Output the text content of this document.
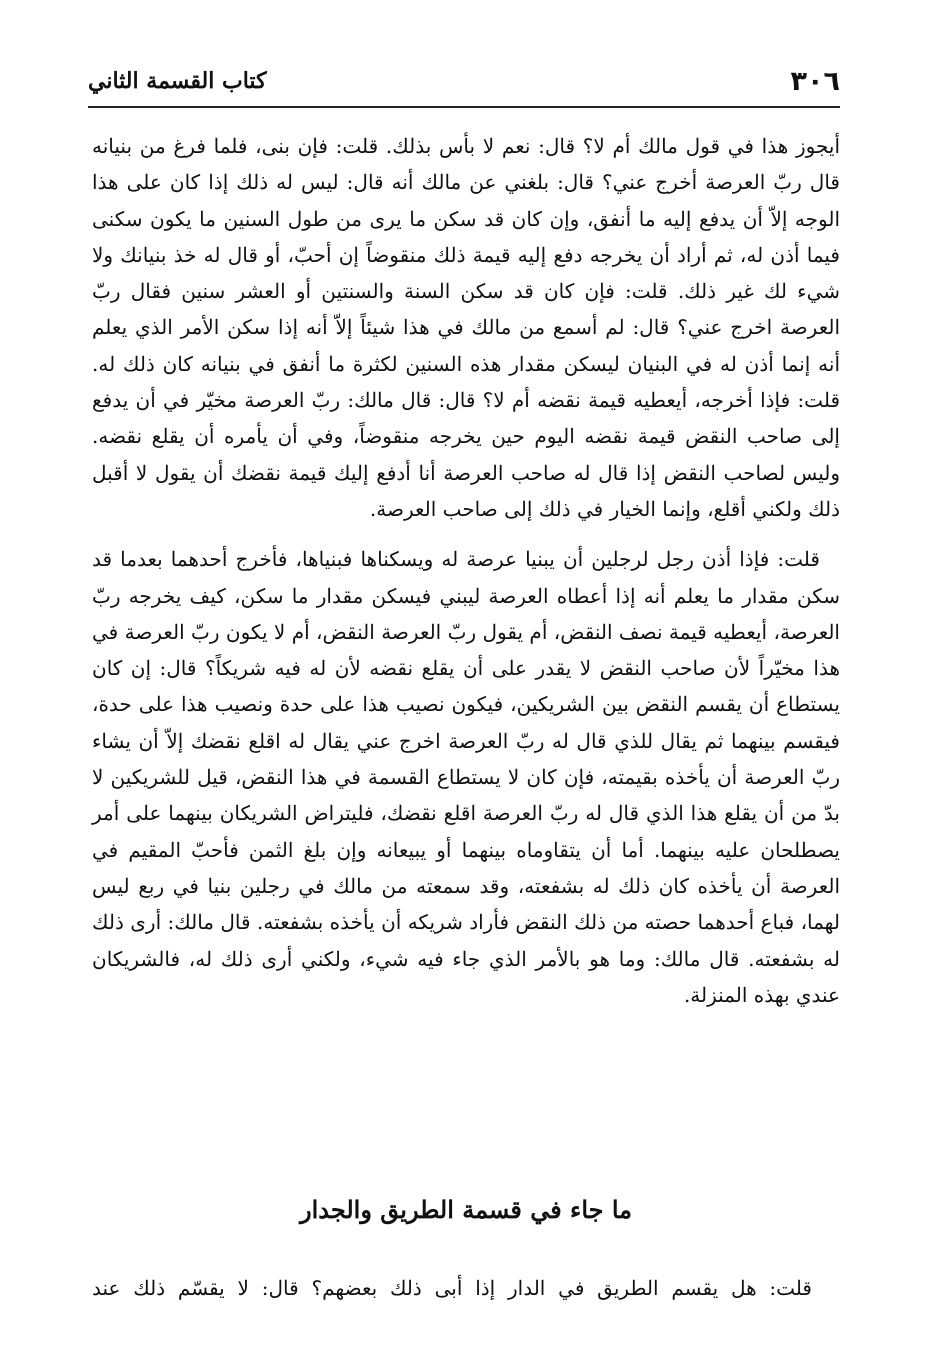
٣٠٦
كتاب القسمة الثاني

أيجوز هذا في قول مالك أم لا؟ قال: نعم لا بأس بذلك. قلت: فإن بنى، فلما فرغ من بنيانه قال ربّ العرصة أخرج عني؟ قال: بلغني عن مالك أنه قال: ليس له ذلك إذا كان على هذا الوجه إلاّ أن يدفع إليه ما أنفق، وإن كان قد سكن ما يرى من طول السنين ما يكون سكنى فيما أذن له، ثم أراد أن يخرجه دفع إليه قيمة ذلك منقوضاً إن أحبّ، أو قال له خذ بنيانك ولا شيء لك غير ذلك. قلت: فإن كان قد سكن السنة والسنتين أو العشر سنين فقال ربّ العرصة اخرج عني؟ قال: لم أسمع من مالك في هذا شيئاً إلاّ أنه إذا سكن الأمر الذي يعلم أنه إنما أذن له في البنيان ليسكن مقدار هذه السنين لكثرة ما أنفق في بنيانه كان ذلك له. قلت: فإذا أخرجه، أيعطيه قيمة نقضه أم لا؟ قال: قال مالك: ربّ العرصة مخيّر في أن يدفع إلى صاحب النقض قيمة نقضه اليوم حين يخرجه منقوضاً، وفي أن يأمره أن يقلع نقضه. وليس لصاحب النقض إذا قال له صاحب العرصة أنا أدفع إليك قيمة نقضك أن يقول لا أقبل ذلك ولكني أقلع، وإنما الخيار في ذلك إلى صاحب العرصة.

قلت: فإذا أذن رجل لرجلين أن يبنيا عرصة له ويسكناها فبنياها، فأخرج أحدهما بعدما قد سكن مقدار ما يعلم أنه إذا أعطاه العرصة ليبني فيسكن مقدار ما سكن، كيف يخرجه ربّ العرصة، أيعطيه قيمة نصف النقض، أم يقول ربّ العرصة النقض، أم لا يكون ربّ العرصة في هذا مخيّراً لأن صاحب النقض لا يقدر على أن يقلع نقضه لأن له فيه شريكاً؟ قال: إن كان يستطاع أن يقسم النقض بين الشريكين، فيكون نصيب هذا على حدة ونصيب هذا على حدة، فيقسم بينهما ثم يقال للذي قال له ربّ العرصة اخرج عني يقال له اقلع نقضك إلاّ أن يشاء ربّ العرصة أن يأخذه بقيمته، فإن كان لا يستطاع القسمة في هذا النقض، قيل للشريكين لا بدّ من أن يقلع هذا الذي قال له ربّ العرصة اقلع نقضك، فليتراض الشريكان بينهما على أمر يصطلحان عليه بينهما. أما أن يتقاوماه بينهما أو يبيعانه وإن بلغ الثمن فأحبّ المقيم في العرصة أن يأخذه كان ذلك له بشفعته، وقد سمعته من مالك في رجلين بنيا في ربع ليس لهما، فباع أحدهما حصته من ذلك النقض فأراد شريكه أن يأخذه بشفعته. قال مالك: أرى ذلك له بشفعته. قال مالك: وما هو بالأمر الذي جاء فيه شيء، ولكني أرى ذلك له، فالشريكان عندي بهذه المنزلة.

ما جاء في قسمة الطريق والجدار

قلت: هل يقسم الطريق في الدار إذا أبى ذلك بعضهم؟ قال: لا يقسّم ذلك عند
